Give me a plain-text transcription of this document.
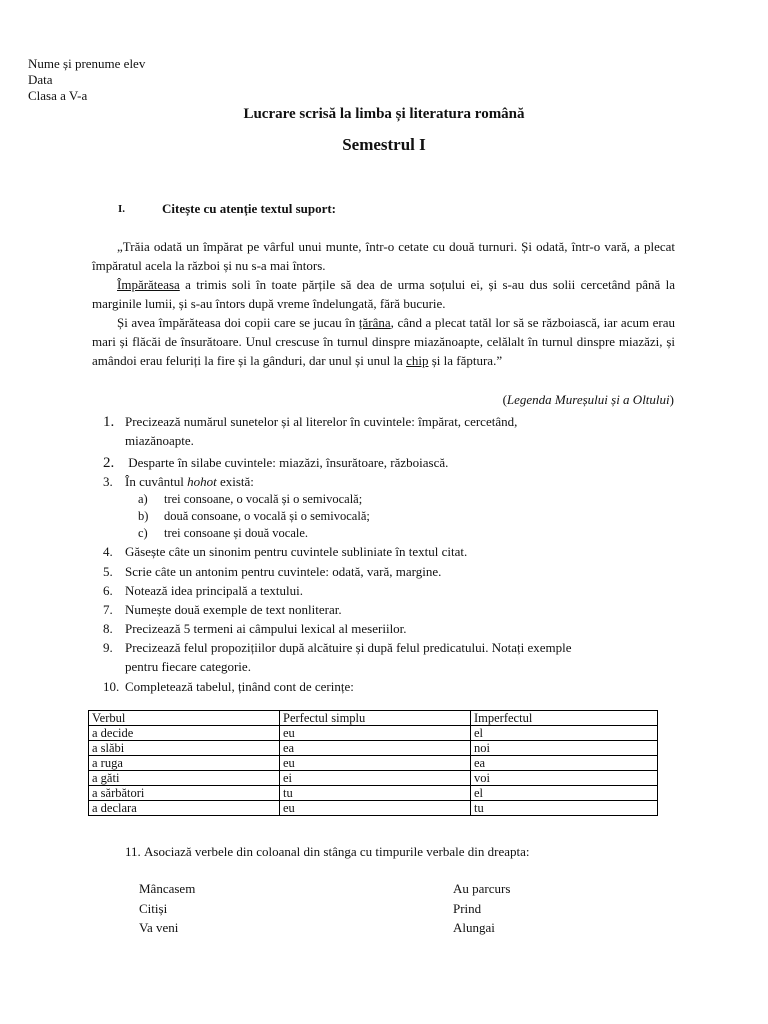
Nume și prenume elev
Data
Clasa a V-a
Lucrare scrisă la limba și literatura română
Semestrul I
I.	Citește cu atenție textul suport:
„Trăia odată un împărat pe vârful unui munte, într-o cetate cu două turnuri. Și odată, într-o vară, a plecat împăratul acela la război și nu s-a mai întors.
Împărăteasa a trimis soli în toate părțile să dea de urma soțului ei, și s-au dus solii cercetând până la marginile lumii, și s-au întors după vreme îndelungată, fără bucurie.
Și avea împărăteasa doi copii care se jucau în țărâna, când a plecat tatăl lor să se războiască, iar acum erau mari și flăcăi de însurătoare. Unul crescuse în turnul dinspre miazănoapte, celălalt în turnul dinspre miazăzi, și amândoi erau feluriți la fire și la gânduri, dar unul și unul la chip și la făptura.”
(Legenda Mureșului și a Oltului)
1. Precizează numărul sunetelor și al literelor în cuvintele: împărat, cercetând,
miazănoapte.
2. Desparte în silabe cuvintele: miazăzi, însurătoare, războiască.
3. În cuvântul hohot există:
a) trei consoane, o vocală și o semivocală;
b) două consoane, o vocală și o semivocală;
c) trei consoane și două vocale.
4. Găsește câte un sinonim pentru cuvintele subliniate în textul citat.
5. Scrie câte un antonim pentru cuvintele: odată, vară, margine.
6. Notează idea principală a textului.
7. Numește două exemple de text nonliterar.
8. Precizează 5 termeni ai câmpului lexical al meseriilor.
9. Precizează felul propozițiilor după alcătuire și după felul predicatului. Notați exemple
pentru fiecare categorie.
10. Completează tabelul, ținând cont de cerințe:
Verbul	Perfectul simplu	Imperfectul
a decide	eu	el
a slăbi	ea	noi
a ruga	eu	ea
a găti	ei	voi
a sărbători	tu	el
a declara	eu	tu
11. Asociază verbele din coloanal din stânga cu timpurile verbale din dreapta:
Mâncasem
Citiși
Va veni
Au parcurs
Prind
Alungai
